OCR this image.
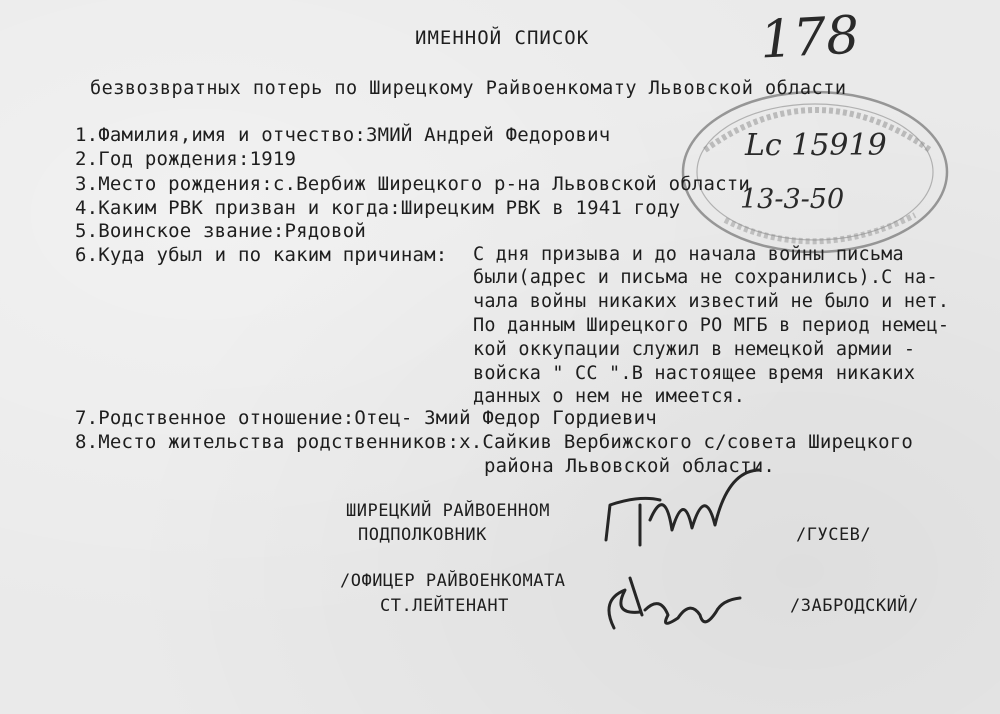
178
Lc 15919
13-3-50
ИМЕННОЙ СПИСОК
безвозвратных потерь по Ширецкому Райвоенкомату Львовской области
1.Фамилия,имя и отчество:ЗМИЙ Андрей Федорович
2.Год рождения:1919
3.Место рождения:с.Вербиж Ширецкого р-на Львовской области
4.Каким РВК призван и когда:Ширецким РВК в 1941 году
5.Воинское звание:Рядовой
6.Куда убыл и по каким причинам: С дня призыва и до начала войны письма
были(адрес и письма не сохранились).С на-
чала войны никаких известий не было и нет.
По данным Ширецкого РО МГБ в период немец-
кой оккупации служил в немецкой армии -
войска " СС ".В настоящее время никаких
данных о нем не имеется.
7.Родственное отношение:Отец- Змий Федор Гордиевич
8.Место жительства родственников:х.Сайкив Вербижского с/совета Ширецкого
района Львовской области.
ШИРЕЦКИЙ РАЙВОЕННОМ
ПОДПОЛКОВНИК	/ГУСЕВ/
/ОФИЦЕР РАЙВОЕНКОМАТА
СТ.ЛЕЙТЕНАНТ	/ЗАБРОДСКИЙ/
